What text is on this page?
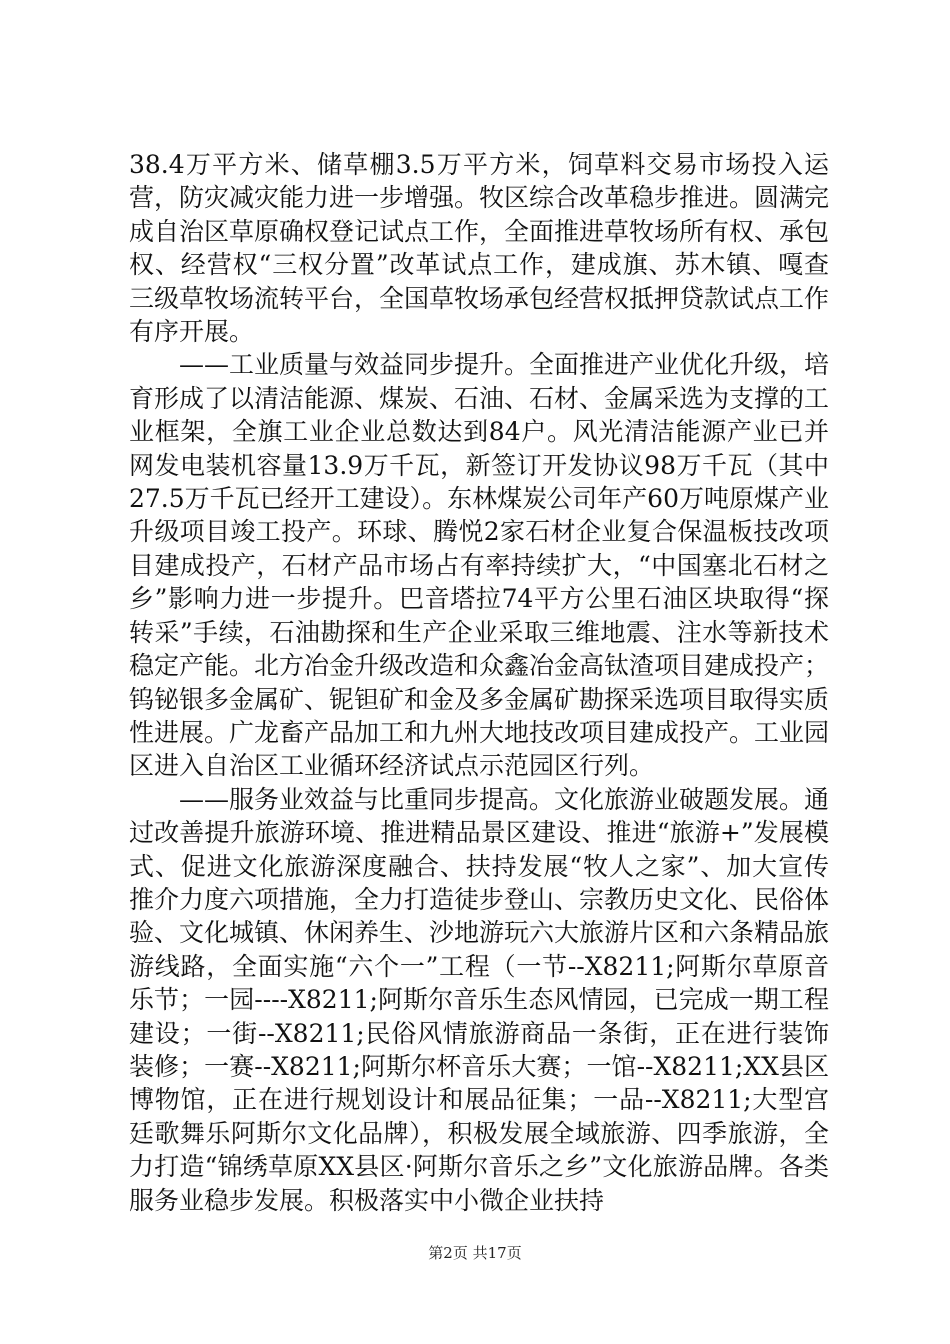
38.4万平方米、储草棚3.5万平方米，饲草料交易市场投入运营，防灾减灾能力进一步增强。牧区综合改革稳步推进。圆满完成自治区草原确权登记试点工作，全面推进草牧场所有权、承包权、经营权“三权分置”改革试点工作，建成旗、苏木镇、嘎查三级草牧场流转平台，全国草牧场承包经营权抵押贷款试点工作有序开展。

——工业质量与效益同步提升。全面推进产业优化升级，培育形成了以清洁能源、煤炭、石油、石材、金属采选为支撑的工业框架，全旗工业企业总数达到84户。风光清洁能源产业已并网发电装机容量13.9万千瓦，新签订开发协议98万千瓦（其中27.5万千瓦已经开工建设）。东林煤炭公司年产60万吨原煤产业升级项目竣工投产。环球、腾悦2家石材企业复合保温板技改项目建成投产，石材产品市场占有率持续扩大，“中国塞北石材之乡”影响力进一步提升。巴音塔拉74平方公里石油区块取得“探转采”手续，石油勘探和生产企业采取三维地震、注水等新技术稳定产能。北方冶金升级改造和众鑫冶金高钛渣项目建成投产；钨铋银多金属矿、铌钽矿和金及多金属矿勘探采选项目取得实质性进展。广龙畜产品加工和九州大地技改项目建成投产。工业园区进入自治区工业循环经济试点示范园区行列。

——服务业效益与比重同步提高。文化旅游业破题发展。通过改善提升旅游环境、推进精品景区建设、推进“旅游+”发展模式、促进文化旅游深度融合、扶持发展“牧人之家”、加大宣传推介力度六项措施，全力打造徒步登山、宗教历史文化、民俗体验、文化城镇、休闲养生、沙地游玩六大旅游片区和六条精品旅游线路，全面实施“六个一”工程（一节--X8211;阿斯尔草原音乐节；一园----X8211;阿斯尔音乐生态风情园，已完成一期工程建设；一街--X8211;民俗风情旅游商品一条街，正在进行装饰装修；一赛--X8211;阿斯尔杯音乐大赛；一馆--X8211;XX县区博物馆，正在进行规划设计和展品征集；一品--X8211;大型宫廷歌舞乐阿斯尔文化品牌），积极发展全域旅游、四季旅游，全力打造“锦绣草原XX县区·阿斯尔音乐之乡”文化旅游品牌。各类服务业稳步发展。积极落实中小微企业扶持

第2页 共17页
